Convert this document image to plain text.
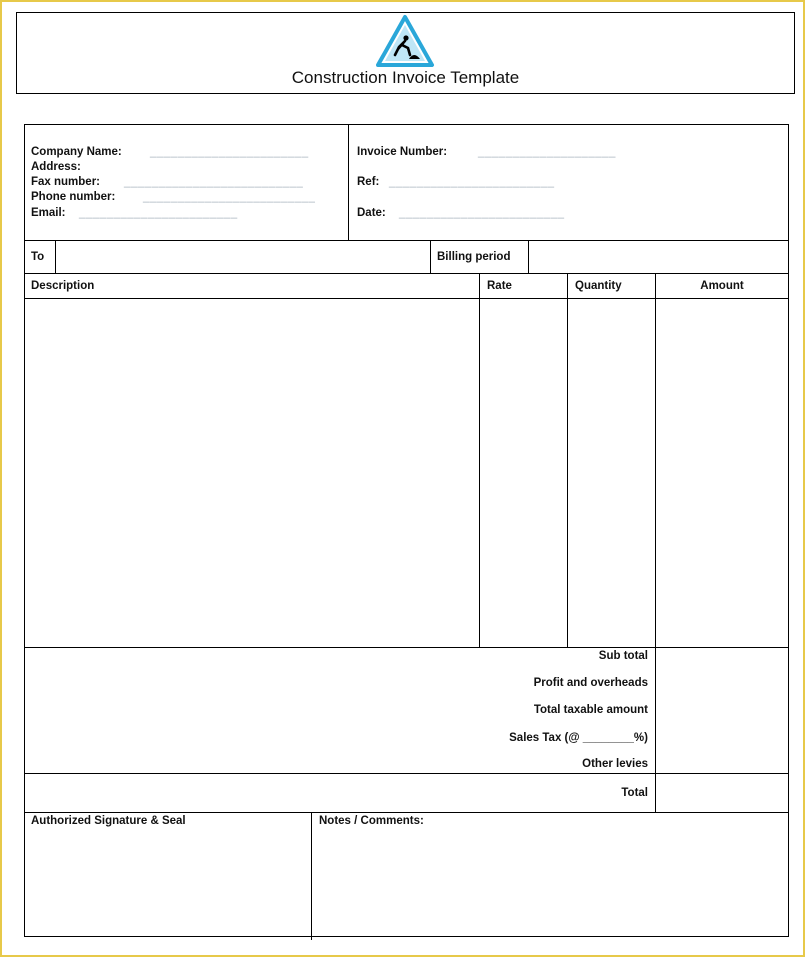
Construction Invoice Template
Company Name: _______________________
Address:
Fax number: __________________________
Phone number: _________________________
Email: _______________________
Invoice Number:	____________________
Ref: ________________________
Date: ________________________
To	Billing period
Description	Rate	Quantity	Amount
Sub total
Profit and overheads
Total taxable amount
Sales Tax (@ ________%)
Other levies
Total
Authorized Signature & Seal	Notes / Comments:
